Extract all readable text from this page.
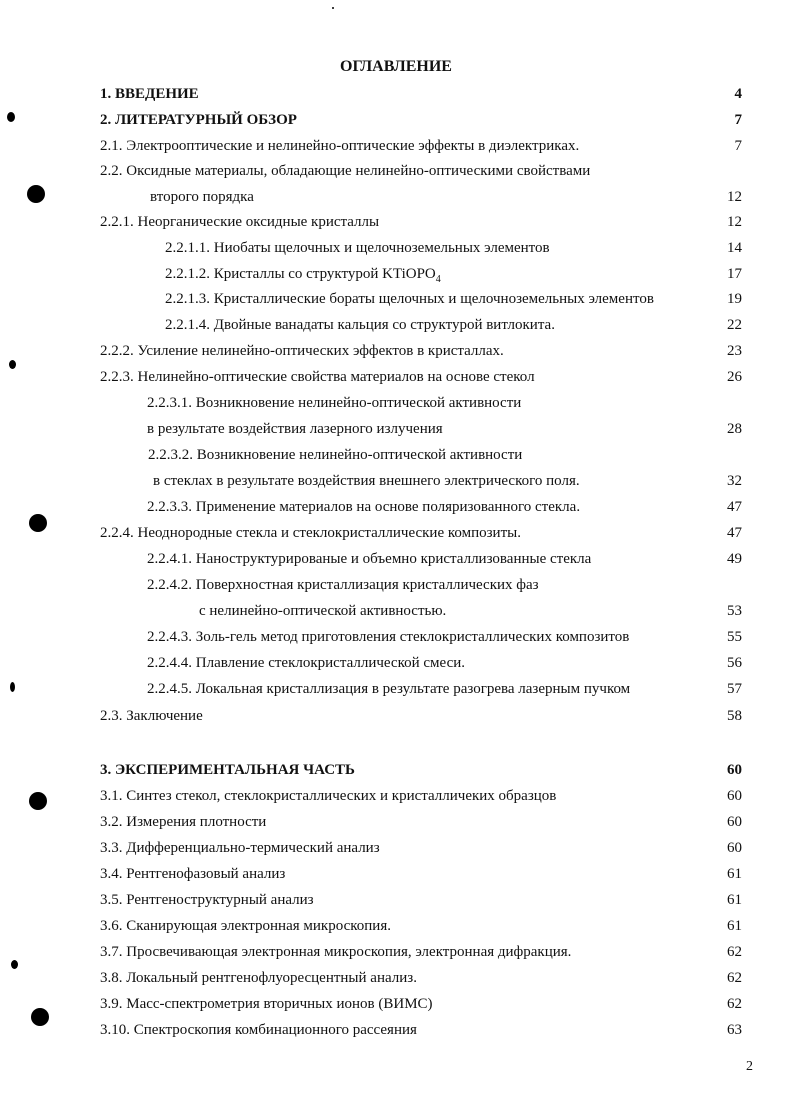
ОГЛАВЛЕНИЕ
1. ВВЕДЕНИЕ	4
2. ЛИТЕРАТУРНЫЙ ОБЗОР	7
2.1. Электрооптические и нелинейно-оптические эффекты в диэлектриках.	7
2.2. Оксидные материалы, обладающие нелинейно-оптическими свойствами
второго порядка	12
2.2.1. Неорганические оксидные кристаллы	12
2.2.1.1. Ниобаты щелочных и щелочноземельных элементов	14
2.2.1.2. Кристаллы со структурой KTiOPO$_4$	17
2.2.1.3. Кристаллические бораты щелочных и щелочноземельных элементов	19
2.2.1.4. Двойные ванадаты кальция со структурой витлокита.	22
2.2.2. Усиление нелинейно-оптических эффектов в кристаллах.	23
2.2.3. Нелинейно-оптические свойства материалов на основе стекол	26
2.2.3.1. Возникновение нелинейно-оптической активности
в результате воздействия лазерного излучения	28
2.2.3.2. Возникновение нелинейно-оптической активности
в стеклах в результате воздействия внешнего электрического поля.	32
2.2.3.3. Применение материалов на основе поляризованного стекла.	47
2.2.4. Неоднородные стекла и стеклокристаллические композиты.	47
2.2.4.1. Наноструктурированые и объемно кристаллизованные стекла	49
2.2.4.2. Поверхностная кристаллизация кристаллических фаз
с нелинейно-оптической активностью.	53
2.2.4.3. Золь-гель метод приготовления стеклокристаллических композитов	55
2.2.4.4. Плавление стеклокристаллической смеси.	56
2.2.4.5. Локальная кристаллизация в результате разогрева лазерным пучком	57
2.3. Заключение	58
3. ЭКСПЕРИМЕНТАЛЬНАЯ ЧАСТЬ	60
3.1. Синтез стекол, стеклокристаллических и кристалличеких образцов	60
3.2. Измерения плотности	60
3.3. Дифференциально-термический анализ	60
3.4. Рентгенофазовый анализ	61
3.5. Рентгеноструктурный анализ	61
3.6. Сканирующая электронная микроскопия.	61
3.7. Просвечивающая электронная микроскопия, электронная дифракция.	62
3.8. Локальный рентгенофлуоресцентный анализ.	62
3.9. Масс-спектрометрия вторичных ионов (ВИМС)	62
3.10. Спектроскопия комбинационного рассеяния	63
2
